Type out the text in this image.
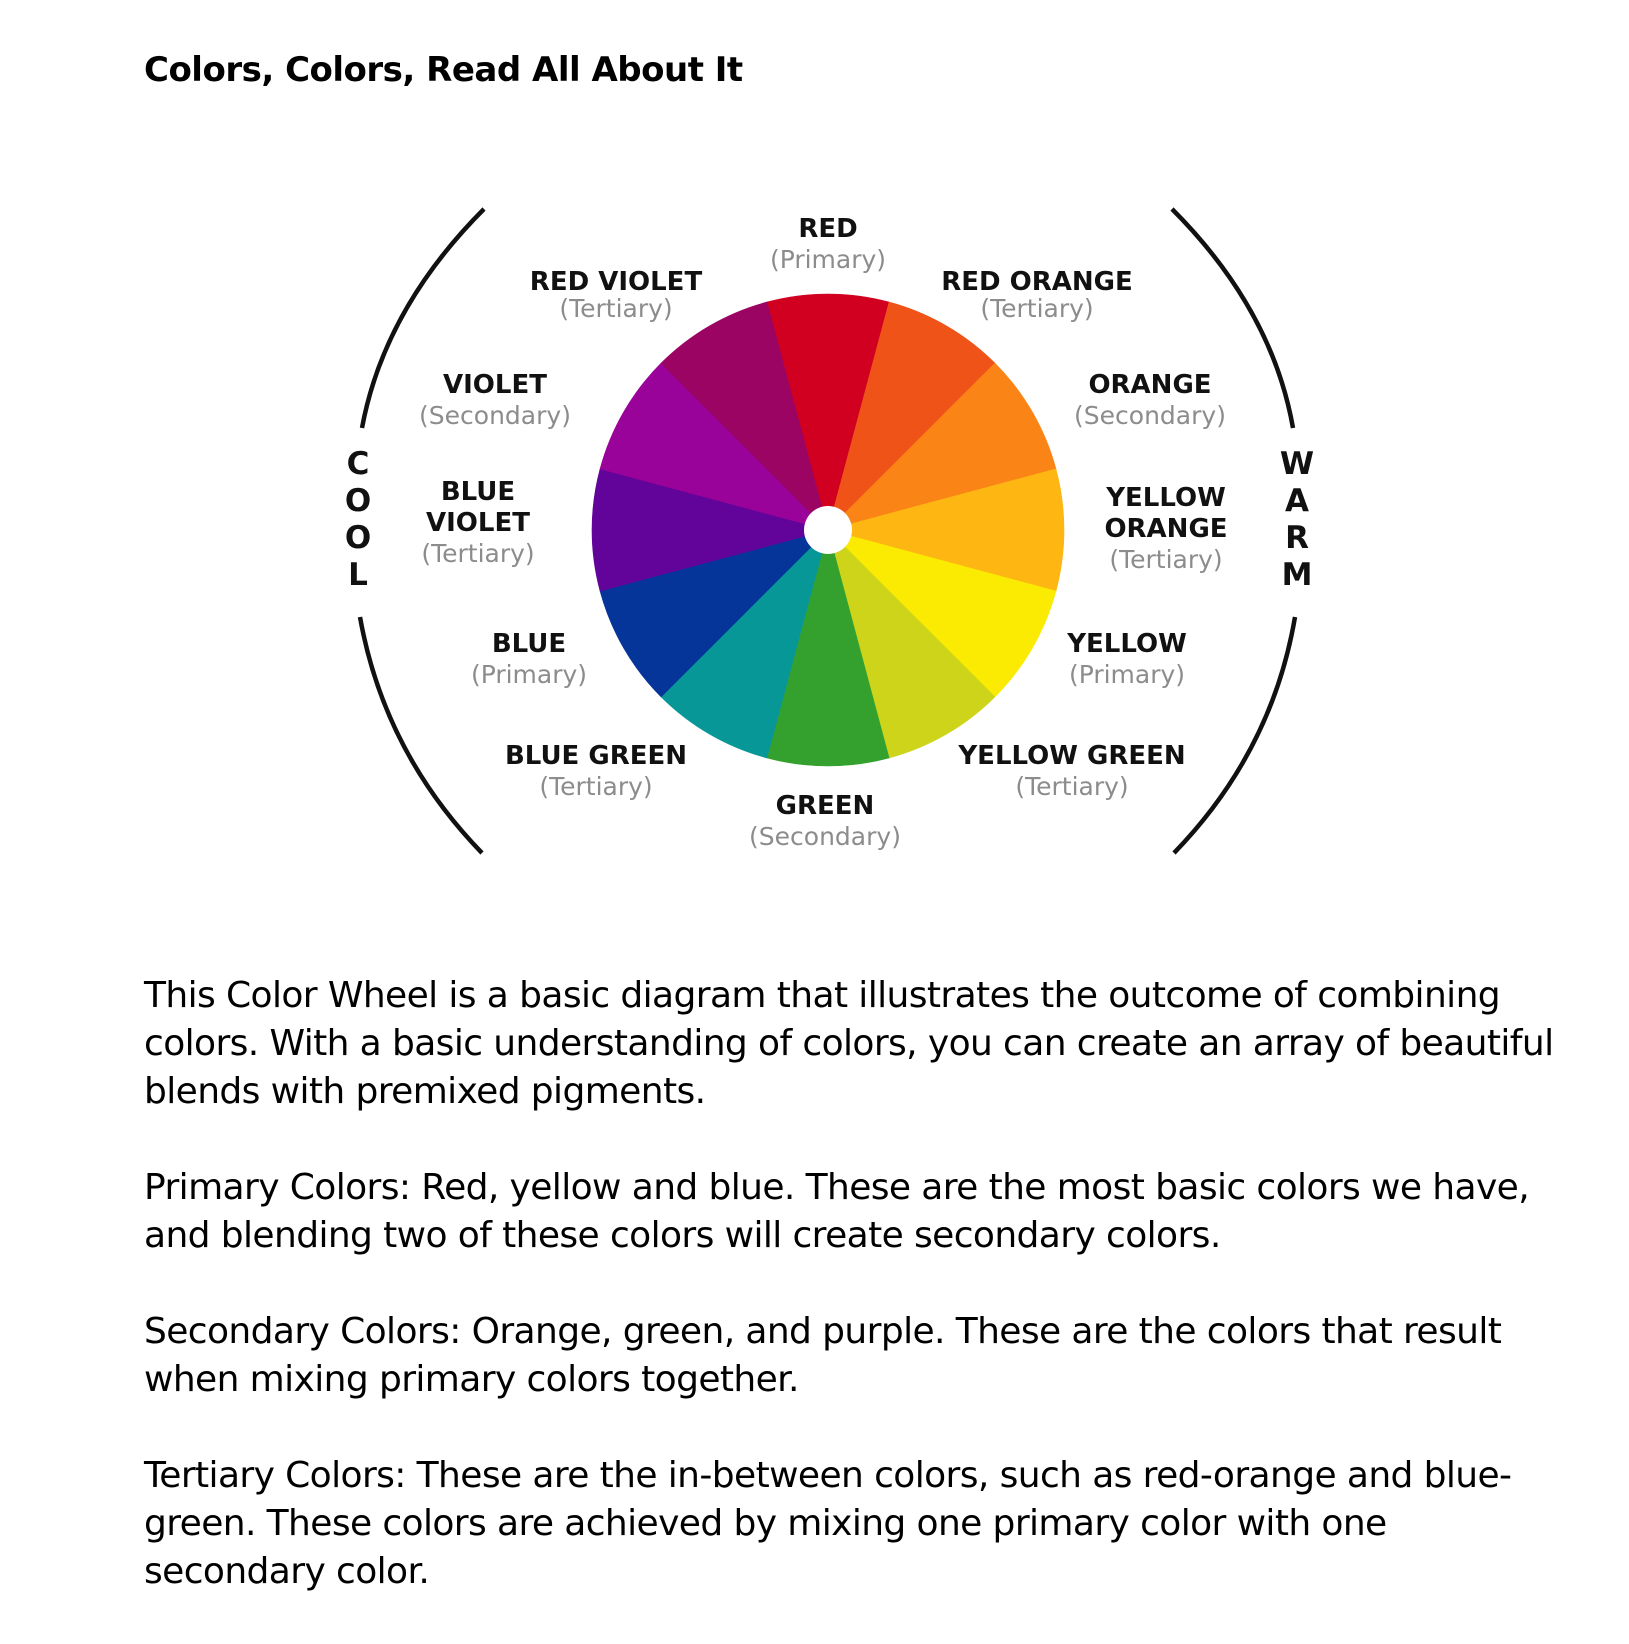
Colors, Colors, Read All About It
C
O
O
L
W
A
R
M
RED
(Primary)
RED ORANGE
(Tertiary)
ORANGE
(Secondary)
YELLOW
ORANGE
(Tertiary)
YELLOW
(Primary)
YELLOW GREEN
(Tertiary)
GREEN
(Secondary)
BLUE GREEN
(Tertiary)
BLUE
(Primary)
BLUE
VIOLET
(Tertiary)
VIOLET
(Secondary)
RED VIOLET
(Tertiary)

This Color Wheel is a basic diagram that illustrates the outcome of combining colors. With a basic understanding of colors, you can create an array of beautiful blends with premixed pigments.

Primary Colors: Red, yellow and blue. These are the most basic colors we have, and blending two of these colors will create secondary colors.

Secondary Colors: Orange, green, and purple. These are the colors that result when mixing primary colors together.

Tertiary Colors: These are the in-between colors, such as red-orange and blue-green. These colors are achieved by mixing one primary color with one secondary color.
